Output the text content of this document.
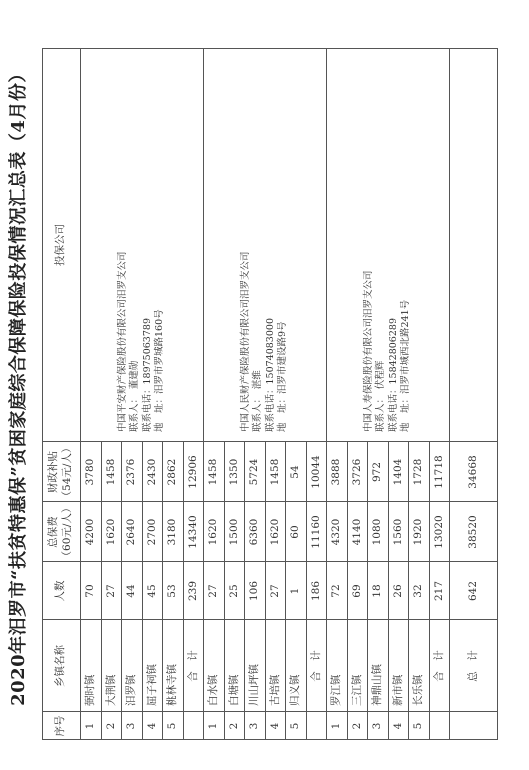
2020年汨罗市“扶贫特惠保”贫困家庭综合保障保险投保情况汇总表（4月份）
序号
乡镇名称
人数
总保费 （60元/人）
财政补贴 （54元/人）
投保公司
1
弼时镇
70
4200
3780
2
大荆镇
27
1620
1458
3
汨罗镇
44
2640
2376
4
屈子祠镇
45
2700
2430
5
桃林寺镇
53
3180
2862
合　计
239
14340
12906
中国平安财产保险股份有限公司汨罗支公司 联系人：　董建勋 联系电话：18975063789 地　址：汨罗市罗城路160号
1
白水镇
27
1620
1458
2
白塘镇
25
1500
1350
3
川山坪镇
106
6360
5724
4
古培镇
27
1620
1458
5
归义镇
1
60
54
合　计
186
11160
10044
中国人民财产保险股份有限公司汨罗支公司 联系人：　湛维 联系电话：15074083000 地　址：汨罗市建设路9号
1
罗江镇
72
4320
3888
2
三江镇
69
4140
3726
3
神鼎山镇
18
1080
972
4
新市镇
26
1560
1404
5
长乐镇
32
1920
1728
合　计
217
13020
11718
中国人寿保险股份有限公司汨罗支公司 联系人：　伏程辉 联系电话：15842806289 地　址：汨罗市城西北路241号
总　计
642
38520
34668
